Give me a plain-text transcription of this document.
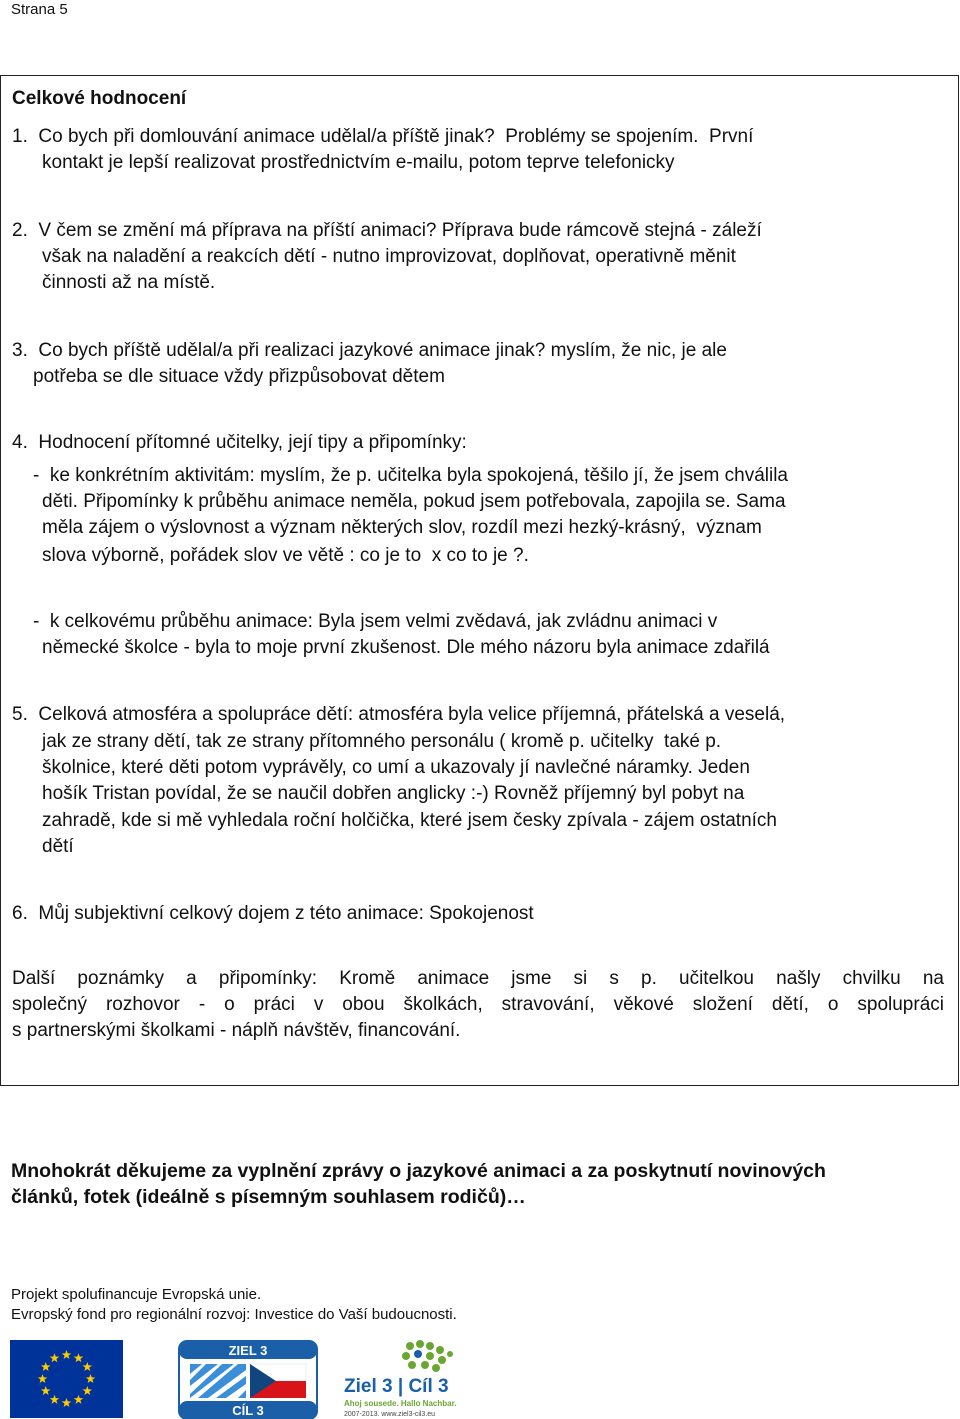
Strana 5
Celkové hodnocení
1.  Co bych při domlouvání animace udělal/a příště jinak?  Problémy se spojením.  První
kontakt je lepší realizovat prostřednictvím e-mailu, potom teprve telefonicky
2.  V čem se změní má příprava na příští animaci? Příprava bude rámcově stejná - záleží
však na naladění a reakcích dětí - nutno improvizovat, doplňovat, operativně měnit
činnosti až na místě.
3.  Co bych příště udělal/a při realizaci jazykové animace jinak? myslím, že nic, je ale
potřeba se dle situace vždy přizpůsobovat dětem
4.  Hodnocení přítomné učitelky, její tipy a připomínky:
-  ke konkrétním aktivitám: myslím, že p. učitelka byla spokojená, těšilo jí, že jsem chválila
děti. Připomínky k průběhu animace neměla, pokud jsem potřebovala, zapojila se. Sama
měla zájem o výslovnost a význam některých slov, rozdíl mezi hezký-krásný,  význam
slova výborně, pořádek slov ve větě : co je to  x co to je ?.
-  k celkovému průběhu animace: Byla jsem velmi zvědavá, jak zvládnu animaci v
německé školce - byla to moje první zkušenost. Dle mého názoru byla animace zdařilá
5.  Celková atmosféra a spolupráce dětí: atmosféra byla velice příjemná, přátelská a veselá,
jak ze strany dětí, tak ze strany přítomného personálu ( kromě p. učitelky  také p.
školnice, které děti potom vyprávěly, co umí a ukazovaly jí navlečné náramky. Jeden
hošík Tristan povídal, že se naučil dobřen anglicky :-) Rovněž příjemný byl pobyt na
zahradě, kde si mě vyhledala roční holčička, které jsem česky zpívala - zájem ostatních
dětí
6.  Můj subjektivní celkový dojem z této animace: Spokojenost
Další poznámky a připomínky: Kromě animace jsme si s p. učitelkou našly chvilku na
společný rozhovor - o práci v obou školkách, stravování, věkové složení dětí, o spolupráci
s partnerskými školkami - náplň návštěv, financování.
Mnohokrát děkujeme za vyplnění zprávy o jazykové animaci a za poskytnutí novinových
článků, fotek (ideálně s písemným souhlasem rodičů)…
Projekt spolufinancuje Evropská unie.
Evropský fond pro regionální rozvoj: Investice do Vaší budoucnosti.
ZIEL 3
CÍL 3
Ziel 3 | Cíl 3
Ahoj sousede. Hallo Nachbar.
2007-2013. www.ziel3-cil3.eu
